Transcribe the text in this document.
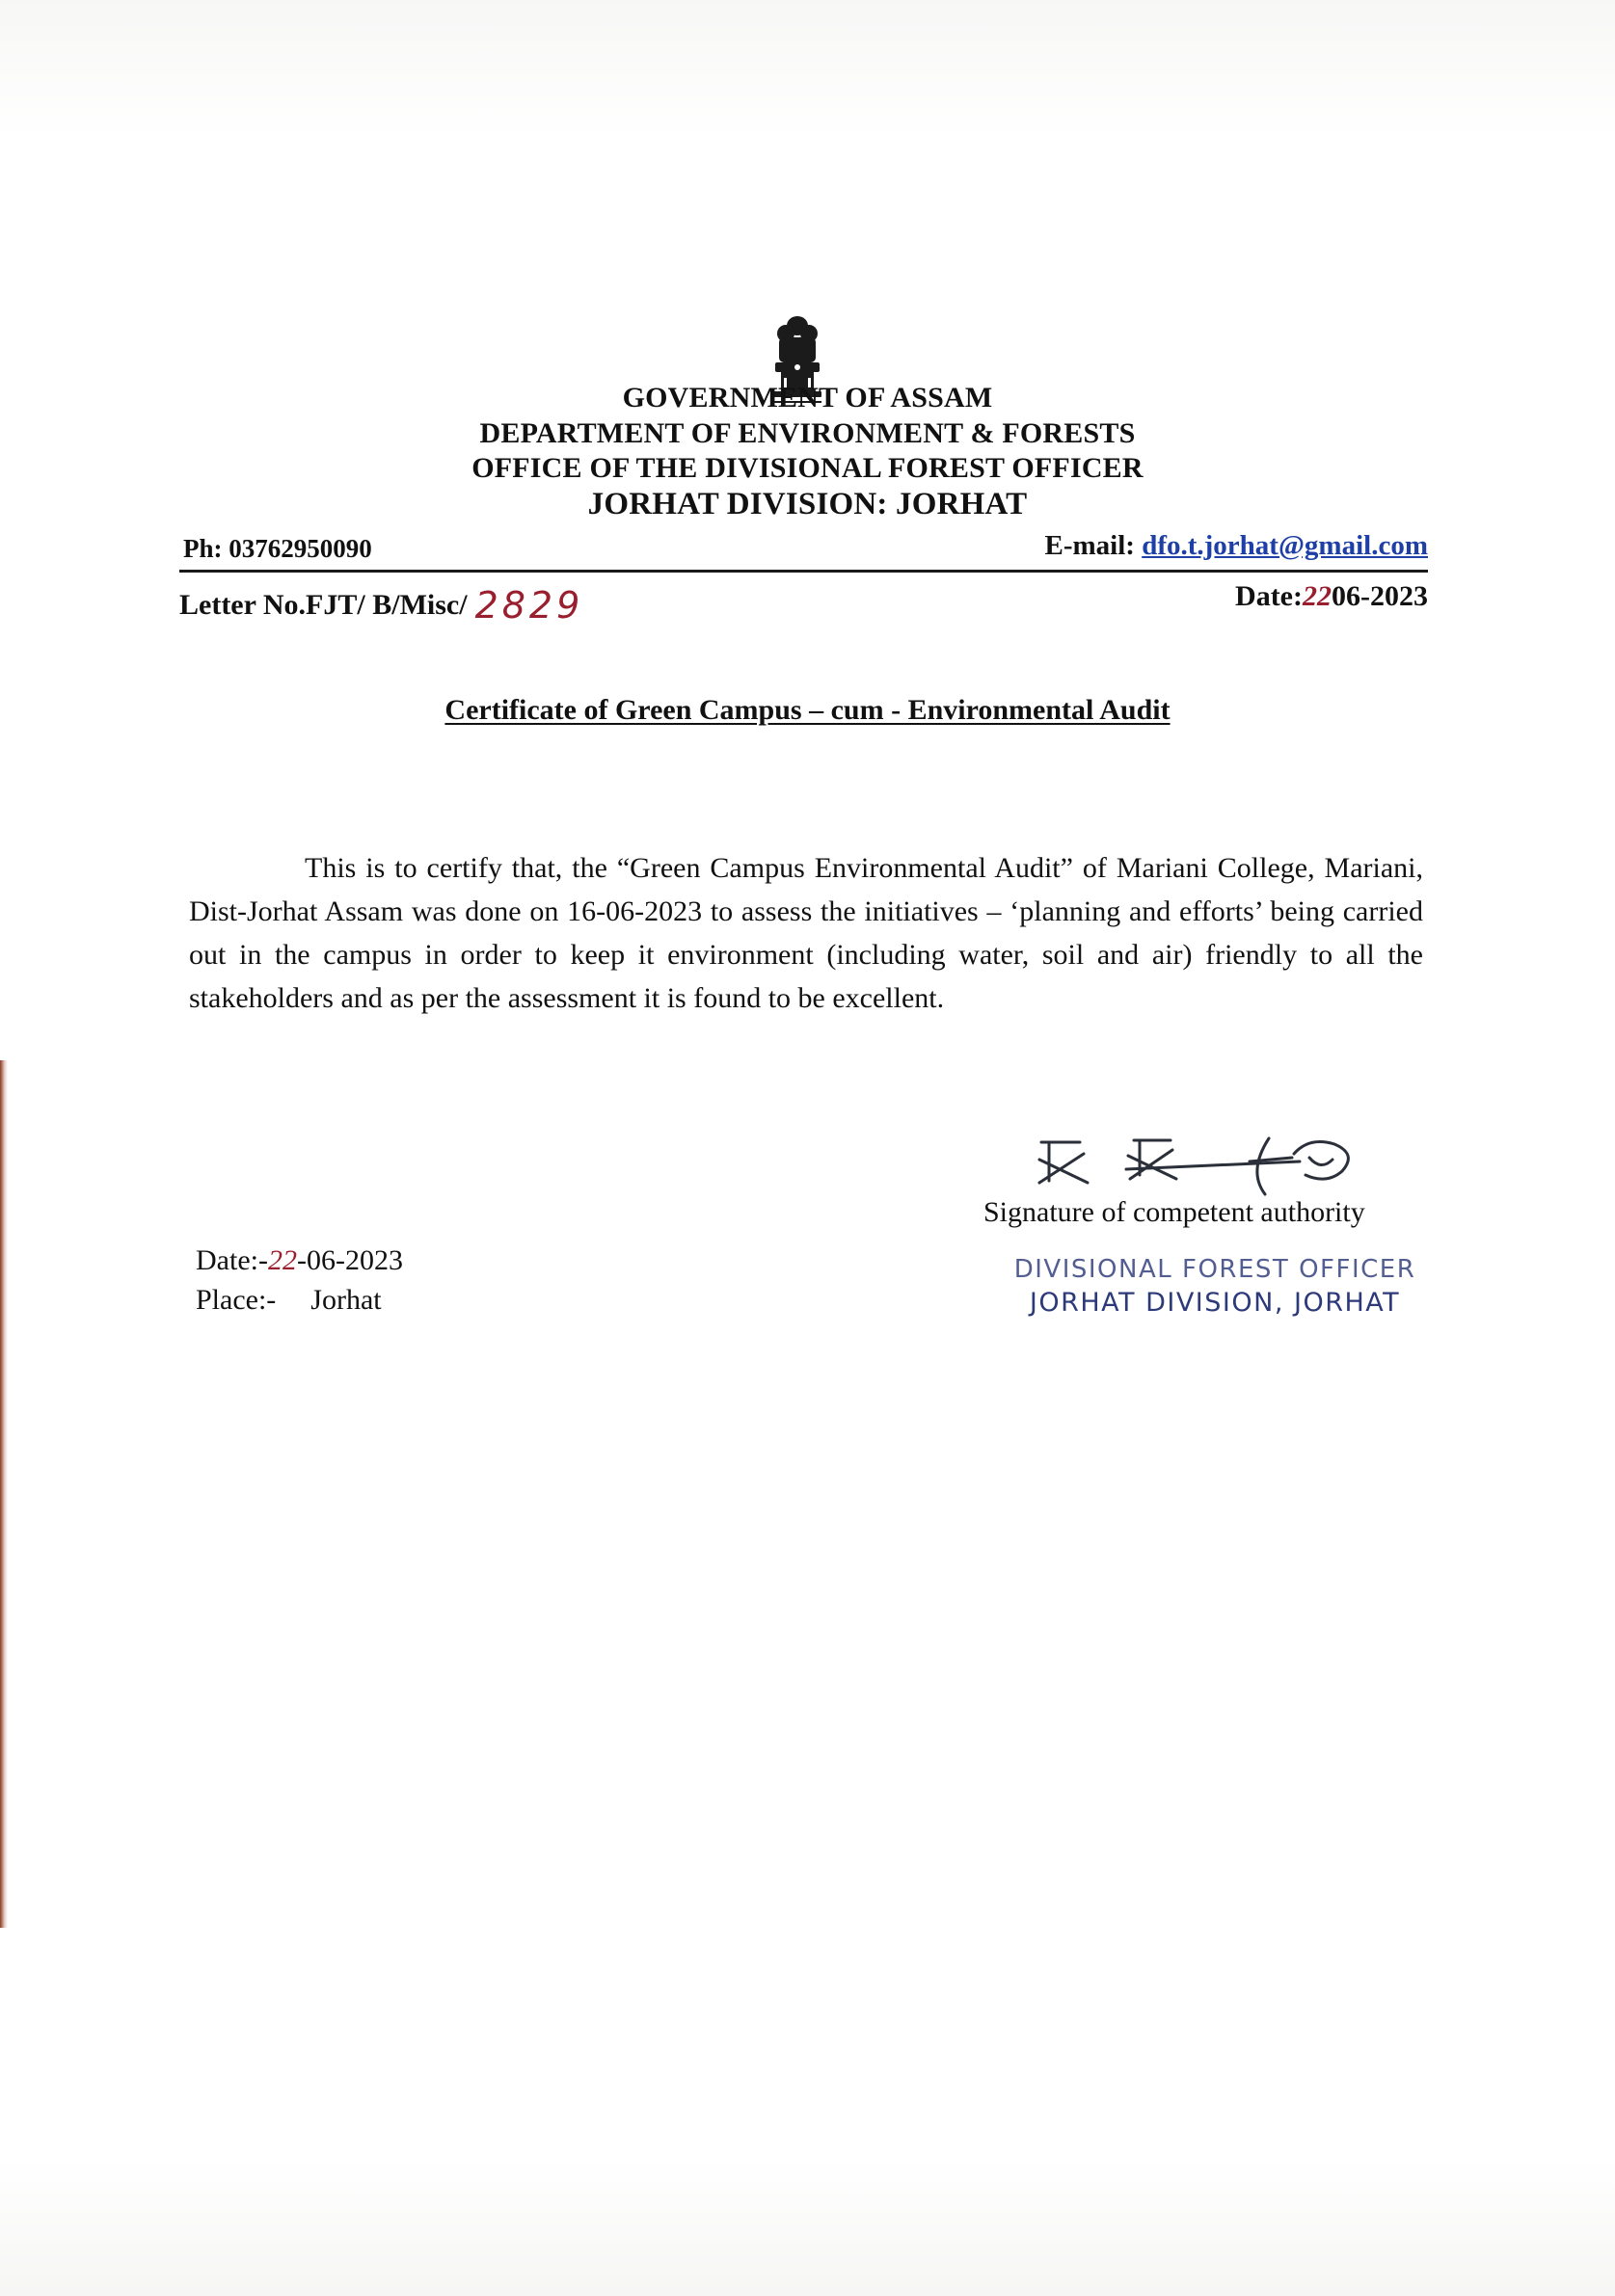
GOVERNMENT OF ASSAM
DEPARTMENT OF ENVIRONMENT & FORESTS
OFFICE OF THE DIVISIONAL FOREST OFFICER
JORHAT DIVISION: JORHAT
Ph: 03762950090	E-mail: dfo.t.jorhat@gmail.com
Letter No.FJT/ B/Misc/ 2829	Date:2206-2023
Certificate of Green Campus – cum - Environmental Audit

This is to certify that, the “Green Campus Environmental Audit” of Mariani College, Mariani, Dist-Jorhat Assam was done on 16-06-2023 to assess the initiatives – ‘planning and efforts’ being carried out in the campus in order to keep it environment (including water, soil and air) friendly to all the stakeholders and as per the assessment it is found to be excellent.

Signature of competent authority
DIVISIONAL FOREST OFFICER
JORHAT DIVISION, JORHAT
Date:-22-06-2023
Place:- Jorhat
